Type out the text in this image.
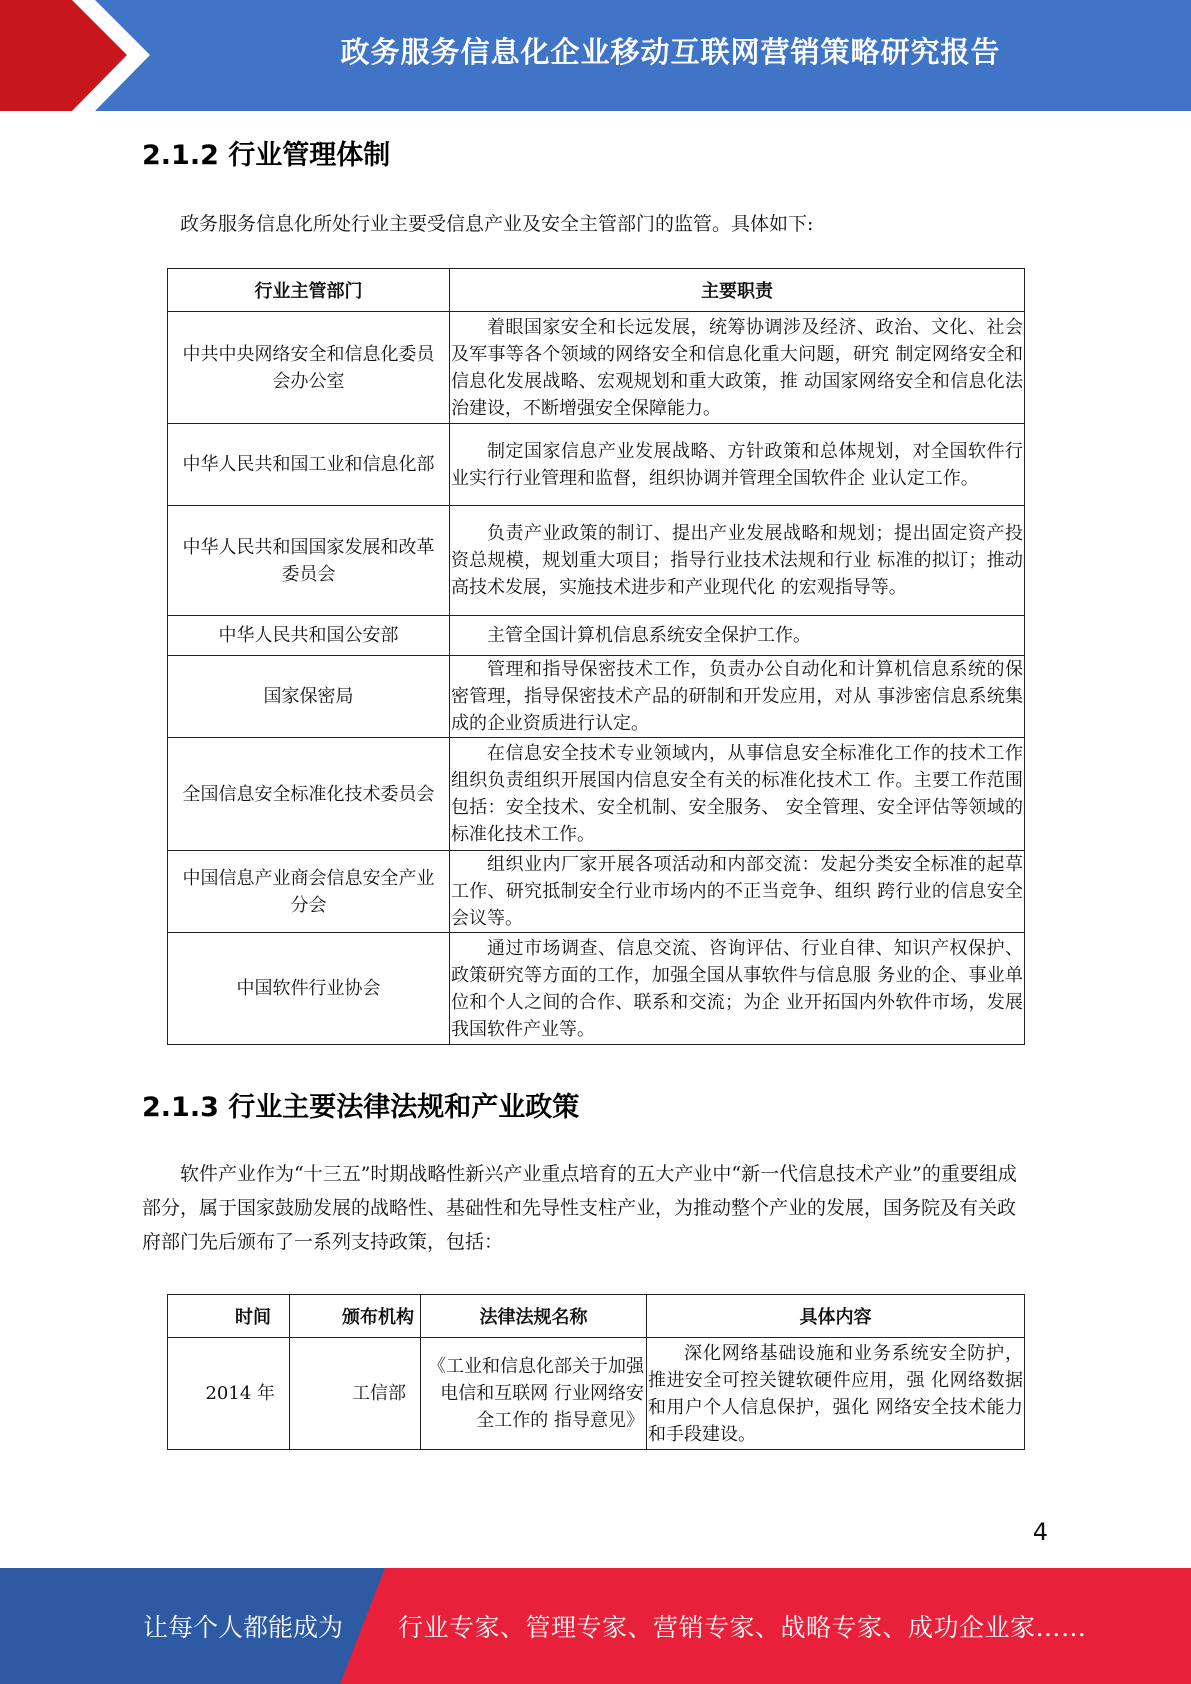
政务服务信息化企业移动互联网营销策略研究报告
2.1.2 行业管理体制

政务服务信息化所处行业主要受信息产业及安全主管部门的监管。具体如下:

行业主管部门	主要职责
中共中央网络安全和信息化委员会办公室	着眼国家安全和长远发展，统筹协调涉及经济、政治、文化、社会及军事等各个领域的网络安全和信息化重大问题，研究 制定网络安全和信息化发展战略、宏观规划和重大政策，推 动国家网络安全和信息化法治建设，不断增强安全保障能力。
中华人民共和国工业和信息化部	制定国家信息产业发展战略、方针政策和总体规划，对全国软件行业实行行业管理和监督，组织协调并管理全国软件企 业认定工作。
中华人民共和国国家发展和改革委员会	负责产业政策的制订、提出产业发展战略和规划；提出固定资产投资总规模，规划重大项目；指导行业技术法规和行业 标准的拟订；推动高技术发展，实施技术进步和产业现代化 的宏观指导等。
中华人民共和国公安部	主管全国计算机信息系统安全保护工作。
国家保密局	管理和指导保密技术工作，负责办公自动化和计算机信息系统的保密管理，指导保密技术产品的研制和开发应用，对从 事涉密信息系统集成的企业资质进行认定。
全国信息安全标准化技术委员会	在信息安全技术专业领域内，从事信息安全标准化工作的技术工作组织负责组织开展国内信息安全有关的标准化技术工 作。主要工作范围包括：安全技术、安全机制、安全服务、 安全管理、安全评估等领域的标准化技术工作。
中国信息产业商会信息安全产业分会	组织业内厂家开展各项活动和内部交流：发起分类安全标准的起草工作、研究抵制安全行业市场内的不正当竞争、组织 跨行业的信息安全会议等。
中国软件行业协会	通过市场调查、信息交流、咨询评估、行业自律、知识产权保护、政策研究等方面的工作，加强全国从事软件与信息服 务业的企、事业单位和个人之间的合作、联系和交流；为企 业开拓国内外软件市场，发展我国软件产业等。
2.1.3 行业主要法律法规和产业政策

软件产业作为“十三五”时期战略性新兴产业重点培育的五大产业中“新一代信息技术产业”的重要组成部分，属于国家鼓励发展的战略性、基础性和先导性支柱产业，为推动整个产业的发展，国务院及有关政府部门先后颁布了一系列支持政策，包括：

时间	颁布机构	法律法规名称	具体内容
2014 年	工信部	《工业和信息化部关于加强电信和互联网 行业网络安全工作的 指导意见》	深化网络基础设施和业务系统安全防护，推进安全可控关键软硬件应用，强 化网络数据和用户个人信息保护，强化 网络安全技术能力和手段建设。
4
让每个人都能成为 行业专家、管理专家、营销专家、战略专家、成功企业家……
